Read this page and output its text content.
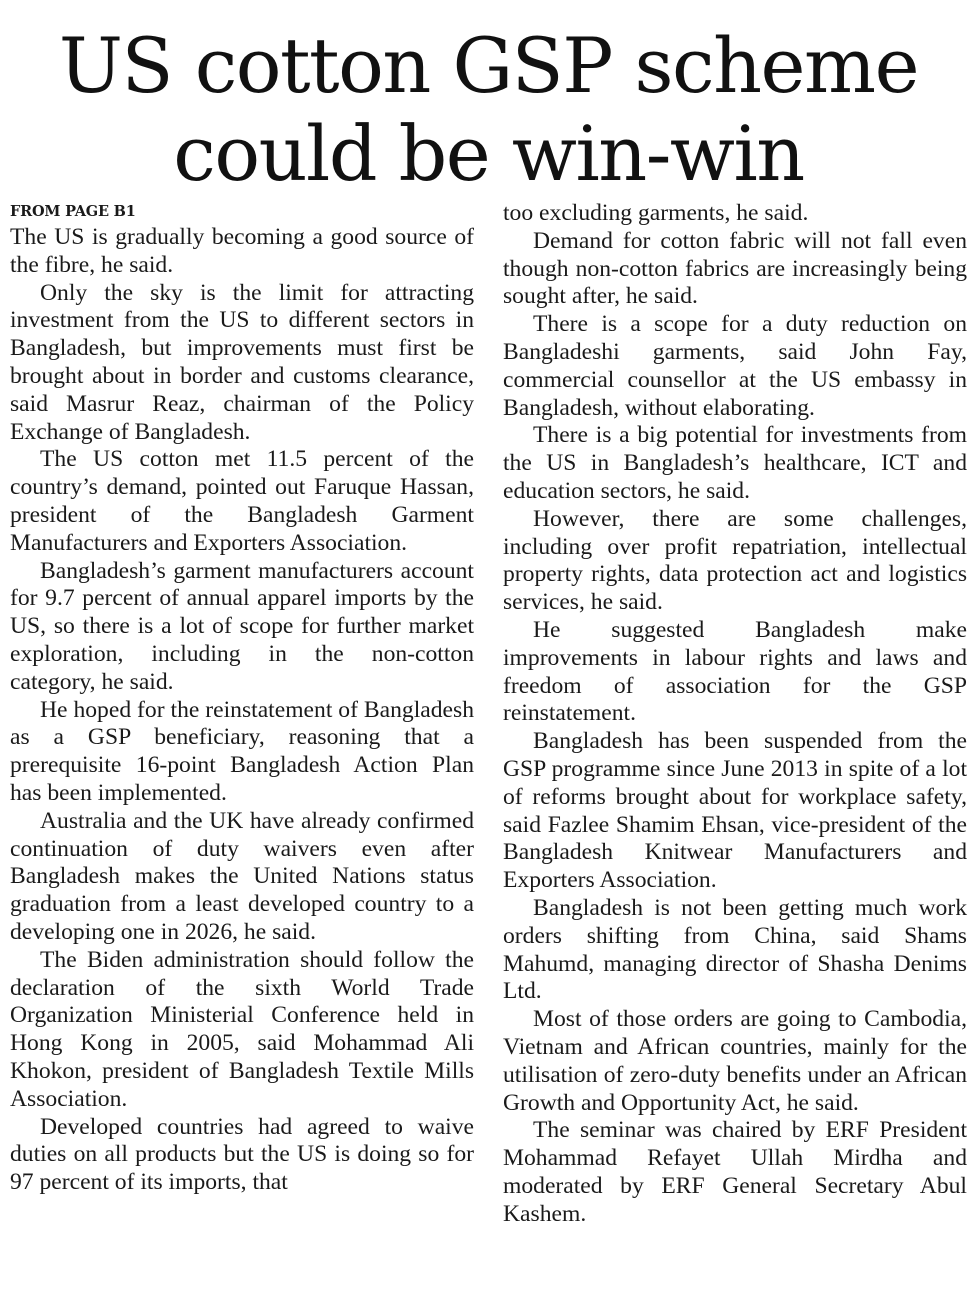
US cotton GSP scheme
could be win-win
FROM PAGE B1

The US is gradually becoming a good source of the fibre, he said.

Only the sky is the limit for attracting investment from the US to different sectors in Bangladesh, but improvements must first be brought about in border and customs clearance, said Masrur Reaz, chairman of the Policy Exchange of Bangladesh.

The US cotton met 11.5 percent of the country’s demand, pointed out Faruque Hassan, president of the Bangladesh Garment Manufacturers and Exporters Association.

Bangladesh’s garment manufacturers account for 9.7 percent of annual apparel imports by the US, so there is a lot of scope for further market exploration, including in the non-cotton category, he said.

He hoped for the reinstatement of Bangladesh as a GSP beneficiary, reasoning that a prerequisite 16-point Bangladesh Action Plan has been implemented.

Australia and the UK have already confirmed continuation of duty waivers even after Bangladesh makes the United Nations status graduation from a least developed country to a developing one in 2026, he said.

The Biden administration should follow the declaration of the sixth World Trade Organization Ministerial Conference held in Hong Kong in 2005, said Mohammad Ali Khokon, president of Bangladesh Textile Mills Association.

Developed countries had agreed to waive duties on all products but the US is doing so for 97 percent of its imports, that

too excluding garments, he said.

Demand for cotton fabric will not fall even though non-cotton fabrics are increasingly being sought after, he said.

There is a scope for a duty reduction on Bangladeshi garments, said John Fay, commercial counsellor at the US embassy in Bangladesh, without elaborating.

There is a big potential for investments from the US in Bangladesh’s healthcare, ICT and education sectors, he said.

However, there are some challenges, including over profit repatriation, intellectual property rights, data protection act and logistics services, he said.

He suggested Bangladesh make improvements in labour rights and laws and freedom of association for the GSP reinstatement.

Bangladesh has been suspended from the GSP programme since June 2013 in spite of a lot of reforms brought about for workplace safety, said Fazlee Shamim Ehsan, vice-president of the Bangladesh Knitwear Manufacturers and Exporters Association.

Bangladesh is not been getting much work orders shifting from China, said Shams Mahumd, managing director of Shasha Denims Ltd.

Most of those orders are going to Cambodia, Vietnam and African countries, mainly for the utilisation of zero-duty benefits under an African Growth and Opportunity Act, he said.

The seminar was chaired by ERF President Mohammad Refayet Ullah Mirdha and moderated by ERF General Secretary Abul Kashem.
